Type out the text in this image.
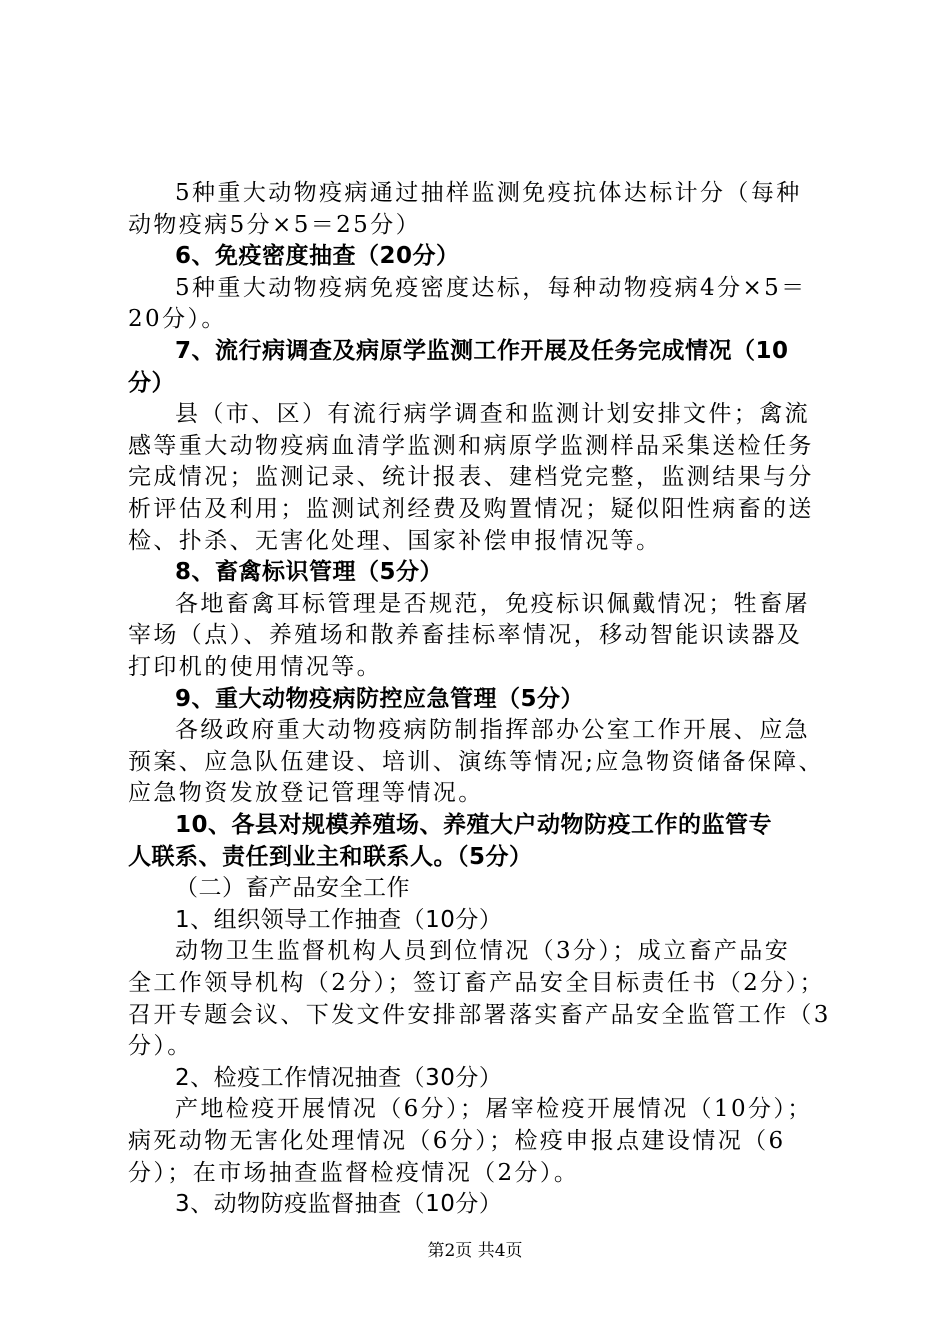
5种重大动物疫病通过抽样监测免疫抗体达标计分（每种
动物疫病5分×5＝25分）
6、免疫密度抽查（20分）
5种重大动物疫病免疫密度达标，每种动物疫病4分×5＝
20分）。
7、流行病调查及病原学监测工作开展及任务完成情况（10
分）
县（市、区）有流行病学调查和监测计划安排文件；禽流
感等重大动物疫病血清学监测和病原学监测样品采集送检任务
完成情况；监测记录、统计报表、建档党完整，监测结果与分
析评估及利用；监测试剂经费及购置情况；疑似阳性病畜的送
检、扑杀、无害化处理、国家补偿申报情况等。
8、畜禽标识管理（5分）
各地畜禽耳标管理是否规范，免疫标识佩戴情况；牲畜屠
宰场（点）、养殖场和散养畜挂标率情况，移动智能识读器及
打印机的使用情况等。
9、重大动物疫病防控应急管理（5分）
各级政府重大动物疫病防制指挥部办公室工作开展、应急
预案、应急队伍建设、培训、演练等情况;应急物资储备保障、
应急物资发放登记管理等情况。
10、各县对规模养殖场、养殖大户动物防疫工作的监管专
人联系、责任到业主和联系人。（5分）
（二）畜产品安全工作
1、组织领导工作抽查（10分）
动物卫生监督机构人员到位情况（3分）；成立畜产品安
全工作领导机构（2分）；签订畜产品安全目标责任书（2分）；
召开专题会议、下发文件安排部署落实畜产品安全监管工作（3
分）。
2、检疫工作情况抽查（30分）
产地检疫开展情况（6分）；屠宰检疫开展情况（10分）；
病死动物无害化处理情况（6分）；检疫申报点建设情况（6
分）；在市场抽查监督检疫情况（2分）。
3、动物防疫监督抽查（10分）
第2页 共4页
